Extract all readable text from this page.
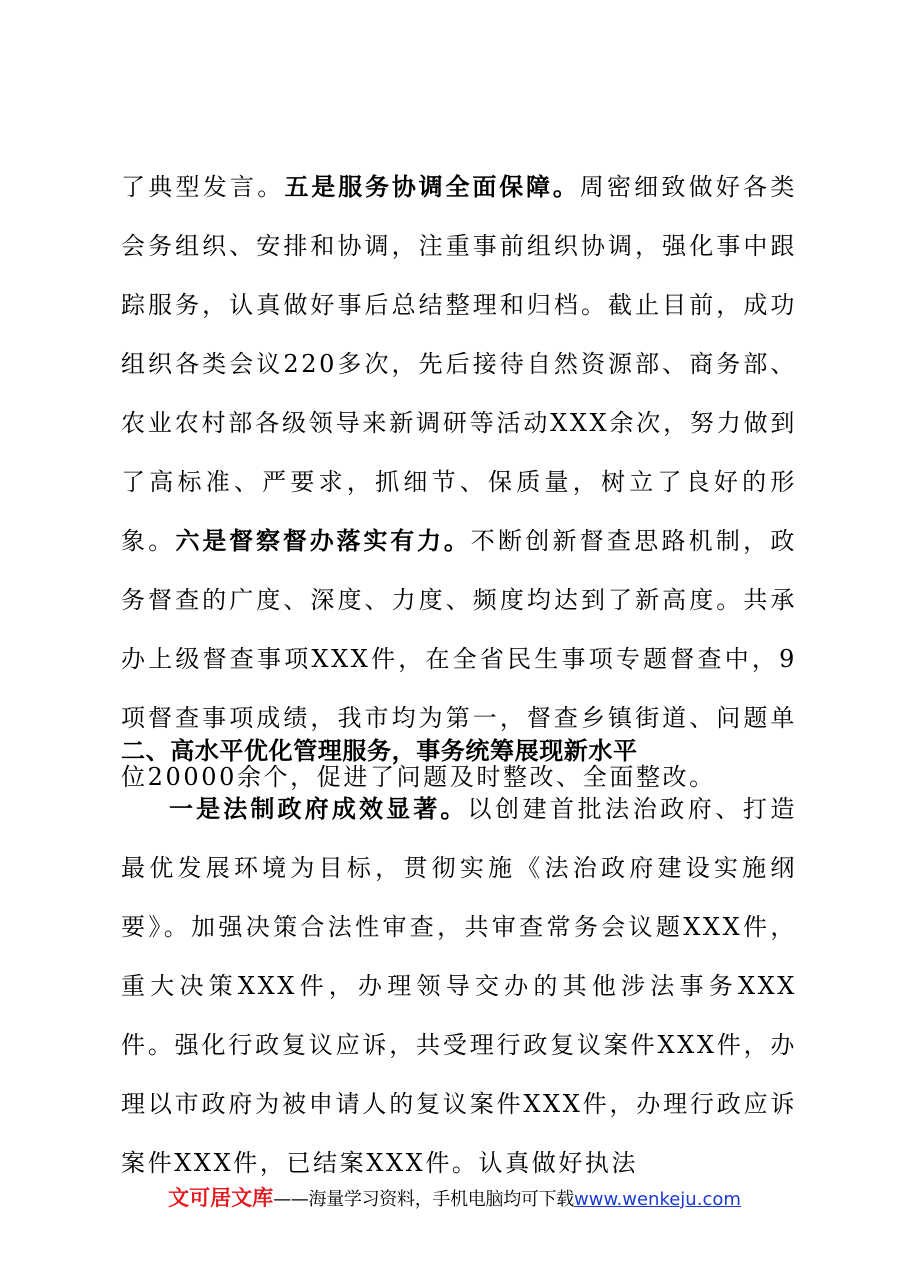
了典型发言。五是服务协调全面保障。周密细致做好各类会务组织、安排和协调，注重事前组织协调，强化事中跟踪服务，认真做好事后总结整理和归档。截止目前，成功组织各类会议220多次，先后接待自然资源部、商务部、农业农村部各级领导来新调研等活动XXX余次，努力做到了高标准、严要求，抓细节、保质量，树立了良好的形象。六是督察督办落实有力。不断创新督查思路机制，政务督查的广度、深度、力度、频度均达到了新高度。共承办上级督查事项XXX件，在全省民生事项专题督查中，9项督查事项成绩，我市均为第一，督查乡镇街道、问题单位20000余个，促进了问题及时整改、全面整改。

二、高水平优化管理服务，事务统筹展现新水平

一是法制政府成效显著。以创建首批法治政府、打造最优发展环境为目标，贯彻实施《法治政府建设实施纲要》。加强决策合法性审查，共审查常务会议题XXX件，重大决策XXX件，办理领导交办的其他涉法事务XXX件。强化行政复议应诉，共受理行政复议案件XXX件，办理以市政府为被申请人的复议案件XXX件，办理行政应诉案件XXX件，已结案XXX件。认真做好执法

文可居文库——海量学习资料，手机电脑均可下载www.wenkeju.com
